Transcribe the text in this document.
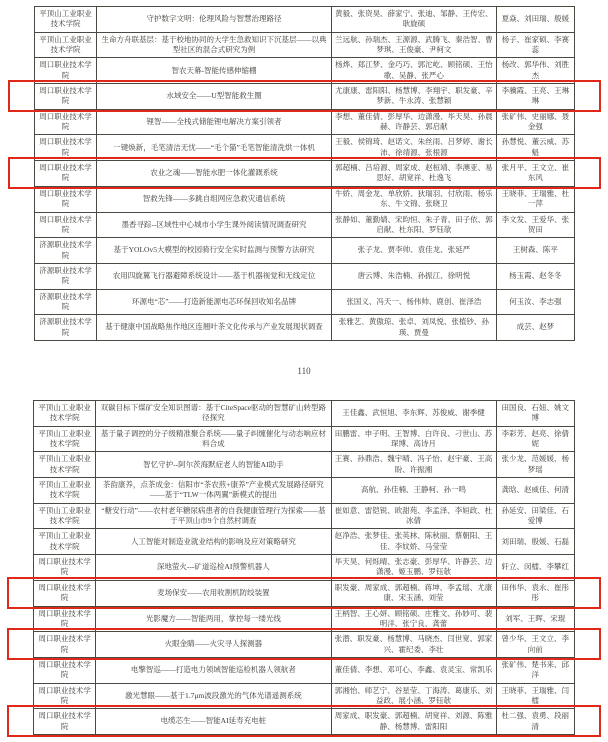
平顶山工业职业技术学院	守护数字文明：伦理风险与智慧治理路径	黄毅、张资昊、薛家宁、张迪、邹静、王传宏、耿旋硕	夏焱、刘田瑞、殷媛
平顶山工业职业技术学院	生命方舟联基层：基于校地协同的大学生急救知识下沉基层——以典型社区的混合式研究为例	兰远航、孙瑞杰、王源源、武腾飞、秦浩智、曹梦琪、王俊豪、尹柯文	杨子、崔家硕、李赛蕊
周口职业技术学院	智农天幕-智能传感伸缩棚	杨烨、郑江梦、金巧巧、郭沱屹、顾铭硕、王怡歌、吴静、张严心	杨改、郭华伟、刘胜杰
周口职业技术学院	水域安全——U型智能救生圈	尤康康、雷阳阳、杨慧博、李翔宇、职发豪、辛梦新、牛永涛、张慧颖	李骥霞、王亮、王琳琳
周口职业技术学院	锂智——全栈式储能锂电解决方案引领者	李想、董佳倩、彭厚华、边潇漫、毕天昊、孙晨赫、许静芸、郭启献	张矿伟、史丽娜、聂金强
周口职业技术学院	一键焕新，毛笔清洁无忧——“毛个猫”毛笔智能清洗烘一体机	王毅、侯锦琦、赵诺文、朱丝雨、吕梦婷、谢长沛、徐靖源、张根源	孙慧悦、董云威、苏魁
周口职业技术学院	农业之魂——智能水肥一体化灌溉系统	郭超楠、吕培源、周家成、赵桓靖、李澳亚、易思好、胡宽祥、杜逸飞	张月平、王文立、崔东风
周口职业技术学院	智救先锋——多跳自组网应急救灾通信系统	牛娇、周金龙、单欣娇、狄瑞羽、付欣雨、杨乐东、牛文锦、张晓卫	王晓菲、王瑞雅、杜一萍
周口职业技术学院	墨香寻踪--区域性中心城市小学生课外阅读情况调查研究	张静如、董勤婧、宋昀恒、朱子青、田子依、郭启献、杜东阳、罗钰欹	李文发、王爱华、张贺田
济源职业技术学院	基于YOLOv5大模型的校园骑行安全实时监测与预警方法研究	张子龙、贾李帅、袁佳龙、张延严	王树森、陈平
济源职业技术学院	农用四旋翼飞行器避障系统设计——基于机器视觉和无线定位	唐云博、朱浩楠、孙振江、徐明悦	杨玉霞、赵冬冬
济源职业技术学院	环源电“芯”——打造新能源电芯环保回收知名品牌	张国义、冯天一、杨伟帅、鹿创、崔泽浩	何玉汝、李志强
济源职业技术学院	基于健康中国战略焦作地区连翘叶茶文化传承与产业发展现状调查	张雅艺、黄傲琼、张卓、刘凤悦、张植钞、孙瑛、贾曼	成芸、赵梦
110
平顶山工业职业技术学院	双碳目标下煤矿安全知识图谱：基于CiteSpace驱动的智慧矿山转型路径探究	王佳鑫、武恒旭、李东辉、苏俊威、谢季健	田国良、石妞、姚文博
平顶山工业职业技术学院	基于量子调控的分子级精准聚合系统——量子纠缠催化与动态响应材料合成	田鹏雷、申子明、王智博、白许良、刁世山、苏琛博、高诗月	李彩芳、赵亮、徐倩妮
平顶山工业职业技术学院	智忆守护--阿尔茨海默症老人的智能AI助手	王赛、孙鼎浩、魏宇晴、冯子怡、赵宇豪、王高盼、许振湘	张少龙、范媛媛、杨梦瑶
平顶山工业职业技术学院	茶韵康养，点茶成金：信阳市“茶农煎+康养”产业模式发展路径研究——基于“TLW一体两翼”新模式的提出	高航、孙佳楠、王静柯、孙一鸣	龚晗、赵威佳、何清
平顶山工业职业技术学院	“糖安行动”——农村老年糖尿病患者的自我健康管理行为探索——基于平顶山市9个自然村调查	崔如意、雷铠锐、欧甜苑、李孟泽、李姮政、杜冰倩	孙延安、田梁佳、石爱博
平顶山工业职业技术学院	人工智能对制造业就业结构的影响及应对策略研究	赵净浩、张梦佳、张英林、陈秋丽、蔡朝阳、王佳、李妏娇、马莹莹	刘田瑞、殷媛、石磊
周口职业技术学院	深地萤火---矿道巡检AI预警机器人	毕天昊、何烁晴、张志豪、彭厚华、许静芸、边潇漫、姬玉鹏、罗钰欹	轩立、闵檑、李攀红
周口职业技术学院	麦场保安——农用收割机防绞装置	职发豪、周家成、郭超楠、蒋坤、李孟瑶、尤康康、宋玉涵、刘莹	田伟华、袁永、崔彤彤
周口职业技术学院	光影魔方——智能两用，掌控每一缕光线	王柄智、王心妍、顾铭硕、庄雅文、孙妙可、裴明洋、张宁良、龚蕾	刘军、王晖、宋琨
周口职业技术学院	火眼金睛——火灾寻人探测器	张潜、职发豪、杨慧博、马晓杰、闫世宽、郭家兴、霍纪委、李壮	曾少华、王文立、李向前
周口职业技术学院	电擎智巡——打造电力领域智能巡检机器人领航者	董佳倩、李想、邓可心、李鑫、袁灵宝、常凯乐	张矿伟、楚书来、邱洋
周口职业技术学院	激光慧眼——基于1.7μm波段激光的气体光谱遥测系统	郭湘怡、师艺宁、谷星莹、丁海涛、葛康乐、刘益政、展小涵、罗钰欹	王晓菲、王瑞雅、闫檑
周口职业技术学院	电缆芯生——智能AI延寿充电桩	周家成、职发豪、郭超楠、胡宽祥、刘源、陈雅静、杨慧博、雷阳阳	杜二强、袁勇、段丽清
